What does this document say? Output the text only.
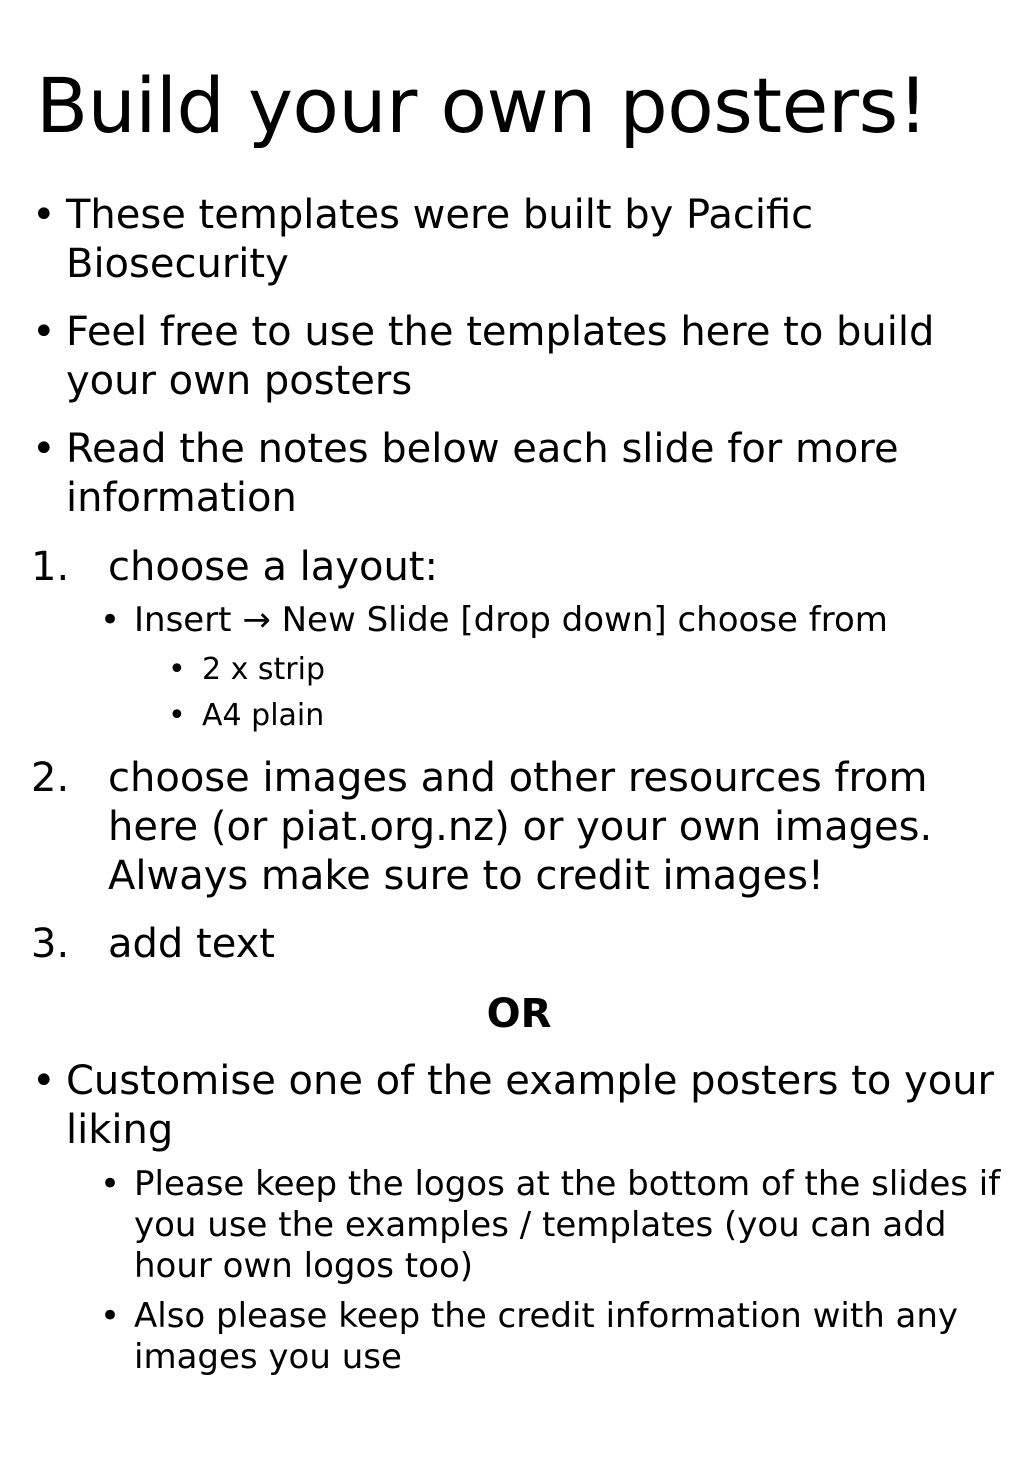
Build your own posters!
• These templates were built by Pacific Biosecurity
• Feel free to use the templates here to build your own posters
• Read the notes below each slide for more information
1. choose a layout:
• Insert → New Slide [drop down] choose from
• 2 x strip
• A4 plain
2. choose images and other resources from here (or piat.org.nz) or your own images. Always make sure to credit images!
3. add text
OR
• Customise one of the example posters to your liking
• Please keep the logos at the bottom of the slides if you use the examples / templates (you can add hour own logos too)
• Also please keep the credit information with any images you use
